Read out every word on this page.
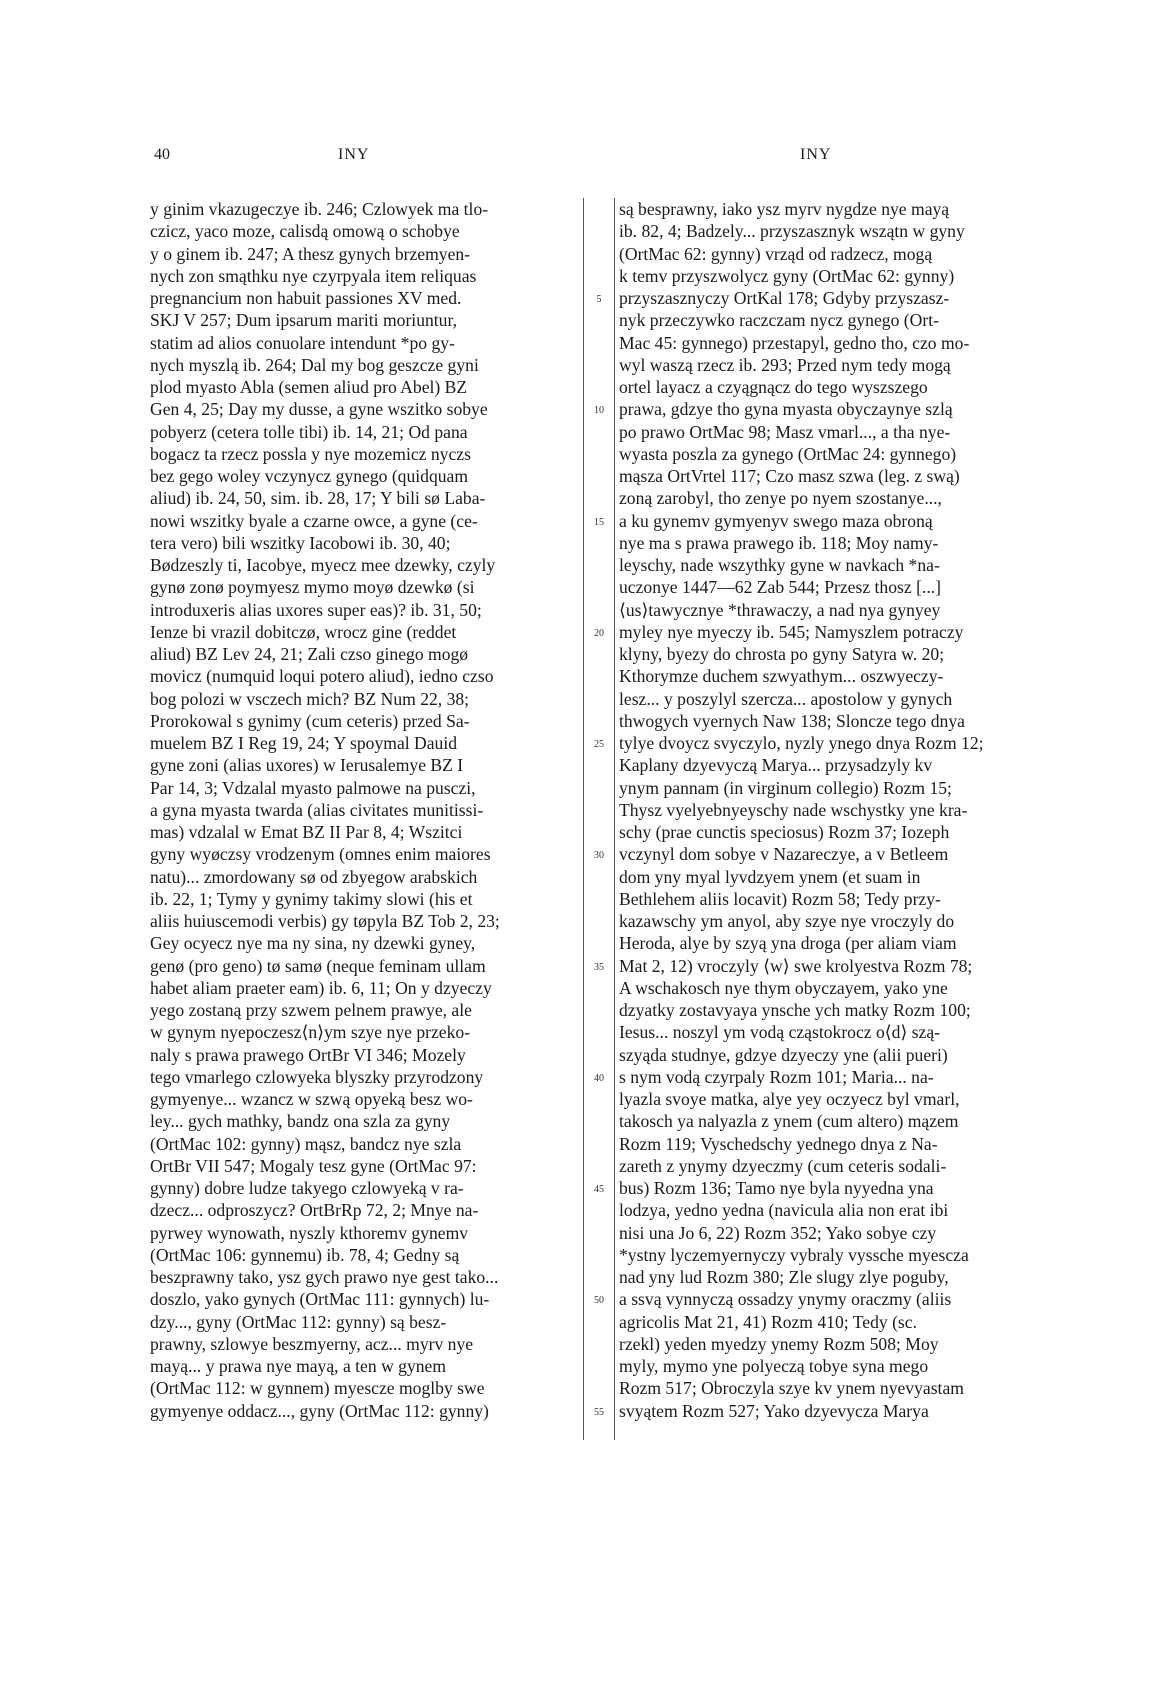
40	INY	INY
y ginim vkazugeczye ib. 246; Czlowyek ma tlo-
czicz, yaco moze, calisdą omową o schobye
y o ginem ib. 247; A thesz gynych brzemyen-
nych zon smąthku nye czyrpyala item reliquas
pregnancium non habuit passiones XV med.
SKJ V 257; Dum ipsarum mariti moriuntur,
statim ad alios conuolare intendunt *po gy-
nych myszlą ib. 264; Dal my bog geszcze gyni
plod myasto Abla (semen aliud pro Abel) BZ
Gen 4, 25; Day my dusse, a gyne wszitko sobye
pobyerz (cetera tolle tibi) ib. 14, 21; Od pana
bogacz ta rzecz possla y nye mozemicz nyczs
bez gego woley vczynycz gynego (quidquam
aliud) ib. 24, 50, sim. ib. 28, 17; Y bili sø Laba-
nowi wszitky byale a czarne owce, a gyne (ce-
tera vero) bili wszitky Iacobowi ib. 30, 40;
Bødzeszly ti, Iacobye, myecz mee dzewky, czyly
gynø zonø poymyesz mymo moyø dzewkø (si
introduxeris alias uxores super eas)? ib. 31, 50;
Ienze bi vrazil dobitczø, wrocz gine (reddet
aliud) BZ Lev 24, 21; Zali czso ginego mogø
movicz (numquid loqui potero aliud), iedno czso
bog polozi w vsczech mich? BZ Num 22, 38;
Prorokowal s gynimy (cum ceteris) przed Sa-
muelem BZ I Reg 19, 24; Y spoymal Dauid
gyne zoni (alias uxores) w Ierusalemye BZ I
Par 14, 3; Vdzalal myasto palmowe na pusczi,
a gyna myasta twarda (alias civitates munitissi-
mas) vdzalal w Emat BZ II Par 8, 4; Wszitci
gyny wyøczsy vrodzenym (omnes enim maiores
natu)... zmordowany sø od zbyegow arabskich
ib. 22, 1; Tymy y gynimy takimy slowi (his et
aliis huiuscemodi verbis) gy tøpyla BZ Tob 2, 23;
Gey ocyecz nye ma ny sina, ny dzewki gyney,
genø (pro geno) tø samø (neque feminam ullam
habet aliam praeter eam) ib. 6, 11; On y dzyeczy
yego zostaną przy szwem pelnem prawye, ale
w gynym nyepoczesz⟨n⟩ym szye nye przeko-
naly s prawa prawego OrtBr VI 346; Mozely
tego vmarlego czlowyeka blyszky przyrodzony
gymyenye... wzancz w szwą opyeką besz wo-
ley... gych mathky, bandz ona szla za gyny
(OrtMac 102: gynny) mąsz, bandcz nye szla
OrtBr VII 547; Mogaly tesz gyne (OrtMac 97:
gynny) dobre ludze takyego czlowyeką v ra-
dzecz... odproszycz? OrtBrRp 72, 2; Mnye na-
pyrwey wynowath, nyszly kthoremv gynemv
(OrtMac 106: gynnemu) ib. 78, 4; Gedny są
beszprawny tako, ysz gych prawo nye gest tako...
doszlo, yako gynych (OrtMac 111: gynnych) lu-
dzy..., gyny (OrtMac 112: gynny) są besz-
prawny, szlowye beszmyerny, acz... myrv nye
mayą... y prawa nye mayą, a ten w gynem
(OrtMac 112: w gynnem) myescze moglby swe
gymyenye oddacz..., gyny (OrtMac 112: gynny)
są besprawny, iako ysz myrv nygdze nye mayą
ib. 82, 4; Badzely... przyszasznyk wszątn w gyny
(OrtMac 62: gynny) vrząd od radzecz, mogą
k temv przyszwolycz gyny (OrtMac 62: gynny)
przyszasznyczy OrtKal 178; Gdyby przyszasz-
nyk przeczywko raczczam nycz gynego (Ort-
Mac 45: gynnego) przestapyl, gedno tho, czo mo-
wyl waszą rzecz ib. 293; Przed nym tedy mogą
ortel layacz a czyągnącz do tego wyszszego
prawa, gdzye tho gyna myasta obyczaynye szlą
po prawo OrtMac 98; Masz vmarl..., a tha nye-
wyasta poszla za gynego (OrtMac 24: gynnego)
mąsza OrtVrtel 117; Czo masz szwa (leg. z swą)
zoną zarobyl, tho zenye po nyem szostanye...,
a ku gynemv gymyenyv swego maza obroną
nye ma s prawa prawego ib. 118; Moy namy-
leyschy, nade wszythky gyne w navkach *na-
uczonye 1447—62 Zab 544; Przesz thosz [...]
⟨us⟩tawycznye *thrawaczy, a nad nya gynyey
myley nye myeczy ib. 545; Namyszlem potraczy
klyny, byezy do chrosta po gyny Satyra w. 20;
Kthorymze duchem szwyathym... oszwyeczy-
lesz... y poszylyl szercza... apostolow y gynych
thwogych vyernych Naw 138; Sloncze tego dnya
tylye dvoycz svyczylo, nyzly ynego dnya Rozm 12;
Kaplany dzyevyczą Marya... przysadzyly kv
ynym pannam (in virginum collegio) Rozm 15;
Thysz vyelyebnyeyschy nade wschystky yne kra-
schy (prae cunctis speciosus) Rozm 37; Iozeph
vczynyl dom sobye v Nazareczye, a v Betleem
dom yny myal lyvdzyem ynem (et suam in
Bethlehem aliis locavit) Rozm 58; Tedy przy-
kazawschy ym anyol, aby szye nye vroczyly do
Heroda, alye by szyą yna droga (per aliam viam
Mat 2, 12) vroczyly ⟨w⟩ swe krolyestva Rozm 78;
A wschakosch nye thym obyczayem, yako yne
dzyatky zostavyaya ynsche ych matky Rozm 100;
Iesus... noszyl ym vodą cząstokrocz o⟨d⟩ szą-
szyąda studnye, gdzye dzyeczy yne (alii pueri)
s nym vodą czyrpaly Rozm 101; Maria... na-
lyazla svoye matka, alye yey oczyecz byl vmarl,
takosch ya nalyazla z ynem (cum altero) mązem
Rozm 119; Vyschedschy yednego dnya z Na-
zareth z ynymy dzyeczmy (cum ceteris sodali-
bus) Rozm 136; Tamo nye byla nyyedna yna
lodzya, yedno yedna (navicula alia non erat ibi
nisi una Jo 6, 22) Rozm 352; Yako sobye czy
*ystny lyczemyernyczy vybraly vyssche myescza
nad yny lud Rozm 380; Zle slugy zlye poguby,
a ssvą vynnyczą ossadzy ynymy oraczmy (aliis
agricolis Mat 21, 41) Rozm 410; Tedy (sc.
rzekl) yeden myedzy ynemy Rozm 508; Moy
myly, mymo yne polyeczą tobye syna mego
Rozm 517; Obroczyla szye kv ynem nyevyastam
svyątem Rozm 527; Yako dzyevycza Marya
5
10
15
20
25
30
35
40
45
50
55
